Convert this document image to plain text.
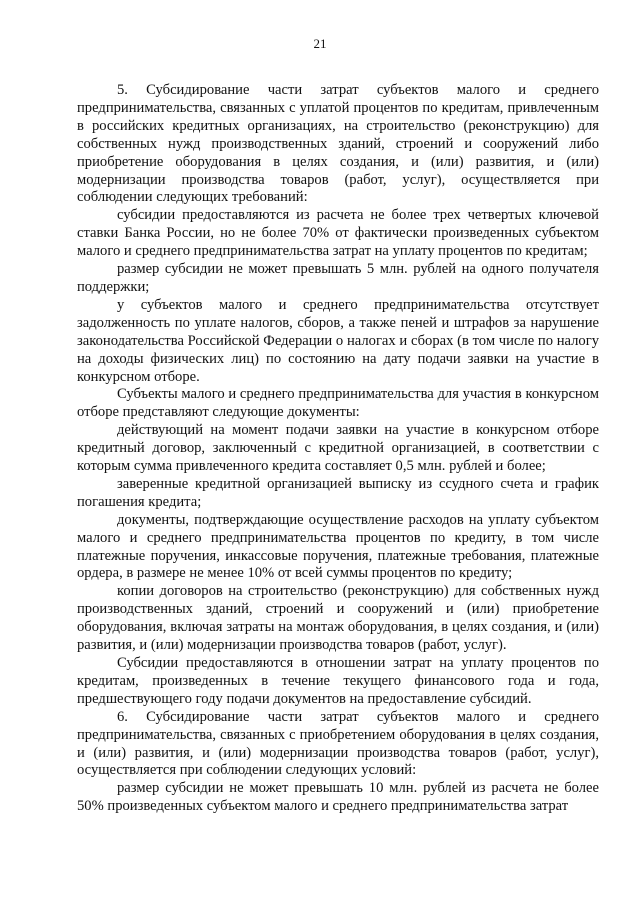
21

5. Субсидирование части затрат субъектов малого и среднего предпринимательства, связанных с уплатой процентов по кредитам, привлеченным в российских кредитных организациях, на строительство (реконструкцию) для собственных нужд производственных зданий, строений и сооружений либо приобретение оборудования в целях создания, и (или) развития, и (или) модернизации производства товаров (работ, услуг), осуществляется при соблюдении следующих требований:

субсидии предоставляются из расчета не более трех четвертых ключевой ставки Банка России, но не более 70% от фактически произведенных субъектом малого и среднего предпринимательства затрат на уплату процентов по кредитам;

размер субсидии не может превышать 5 млн. рублей на одного получателя поддержки;

у субъектов малого и среднего предпринимательства отсутствует задолженность по уплате налогов, сборов, а также пеней и штрафов за нарушение законодательства Российской Федерации о налогах и сборах (в том числе по налогу на доходы физических лиц) по состоянию на дату подачи заявки на участие в конкурсном отборе.

Субъекты малого и среднего предпринимательства для участия в конкурсном отборе представляют следующие документы:

действующий на момент подачи заявки на участие в конкурсном отборе кредитный договор, заключенный с кредитной организацией, в соответствии с которым сумма привлеченного кредита составляет 0,5 млн. рублей и более;

заверенные кредитной организацией выписку из ссудного счета и график погашения кредита;

документы, подтверждающие осуществление расходов на уплату субъектом малого и среднего предпринимательства процентов по кредиту, в том числе платежные поручения, инкассовые поручения, платежные требования, платежные ордера, в размере не менее 10% от всей суммы процентов по кредиту;

копии договоров на строительство (реконструкцию) для собственных нужд производственных зданий, строений и сооружений и (или) приобретение оборудования, включая затраты на монтаж оборудования, в целях создания, и (или) развития, и (или) модернизации производства товаров (работ, услуг).

Субсидии предоставляются в отношении затрат на уплату процентов по кредитам, произведенных в течение текущего финансового года и года, предшествующего году подачи документов на предоставление субсидий.

6. Субсидирование части затрат субъектов малого и среднего предпринимательства, связанных с приобретением оборудования в целях создания, и (или) развития, и (или) модернизации производства товаров (работ, услуг), осуществляется при соблюдении следующих условий:

размер субсидии не может превышать 10 млн. рублей из расчета не более 50% произведенных субъектом малого и среднего предпринимательства затрат
